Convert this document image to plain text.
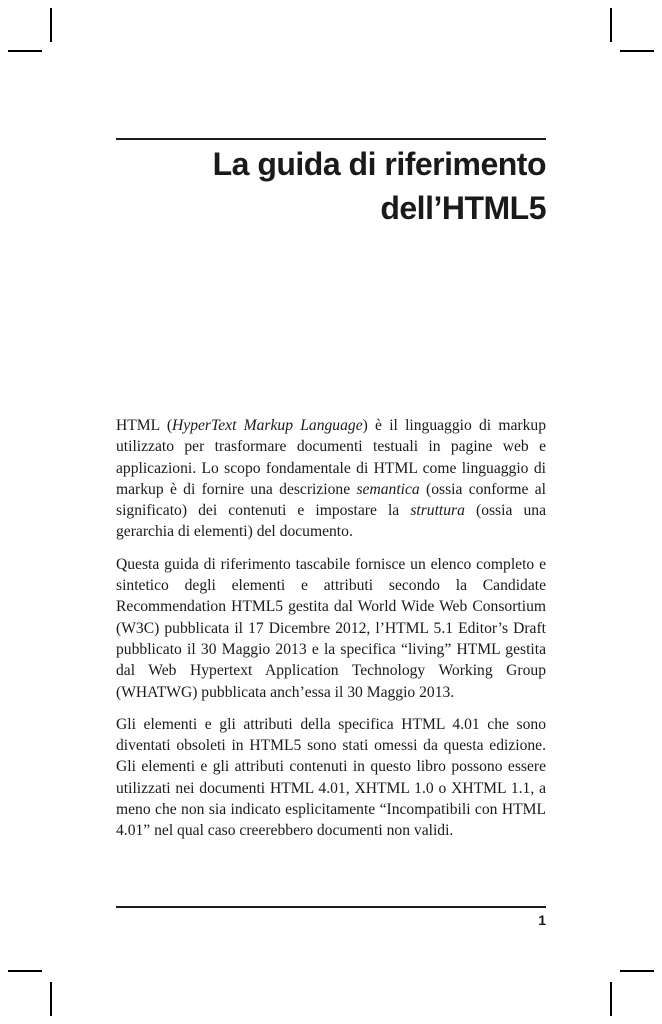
La guida di riferimento
dell’HTML5

HTML (HyperText Markup Language) è il linguaggio di markup utilizzato per trasformare documenti testuali in pagine web e applicazioni. Lo scopo fondamentale di HTML come linguaggio di markup è di fornire una descrizione semantica (ossia conforme al significato) dei contenuti e impostare la struttura (ossia una gerarchia di elementi) del documento.

Questa guida di riferimento tascabile fornisce un elenco completo e sintetico degli elementi e attributi secondo la Candidate Recommendation HTML5 gestita dal World Wide Web Consortium (W3C) pubblicata il 17 Dicembre 2012, l’HTML 5.1 Editor’s Draft pubblicato il 30 Maggio 2013 e la specifica “living” HTML gestita dal Web Hypertext Application Technology Working Group (WHATWG) pubblicata anch’essa il 30 Maggio 2013.

Gli elementi e gli attributi della specifica HTML 4.01 che sono diventati obsoleti in HTML5 sono stati omessi da questa edizione. Gli elementi e gli attributi contenuti in questo libro possono essere utilizzati nei documenti HTML 4.01, XHTML 1.0 o XHTML 1.1, a meno che non sia indicato esplicitamente “Incompatibili con HTML 4.01” nel qual caso creerebbero documenti non validi.

1
